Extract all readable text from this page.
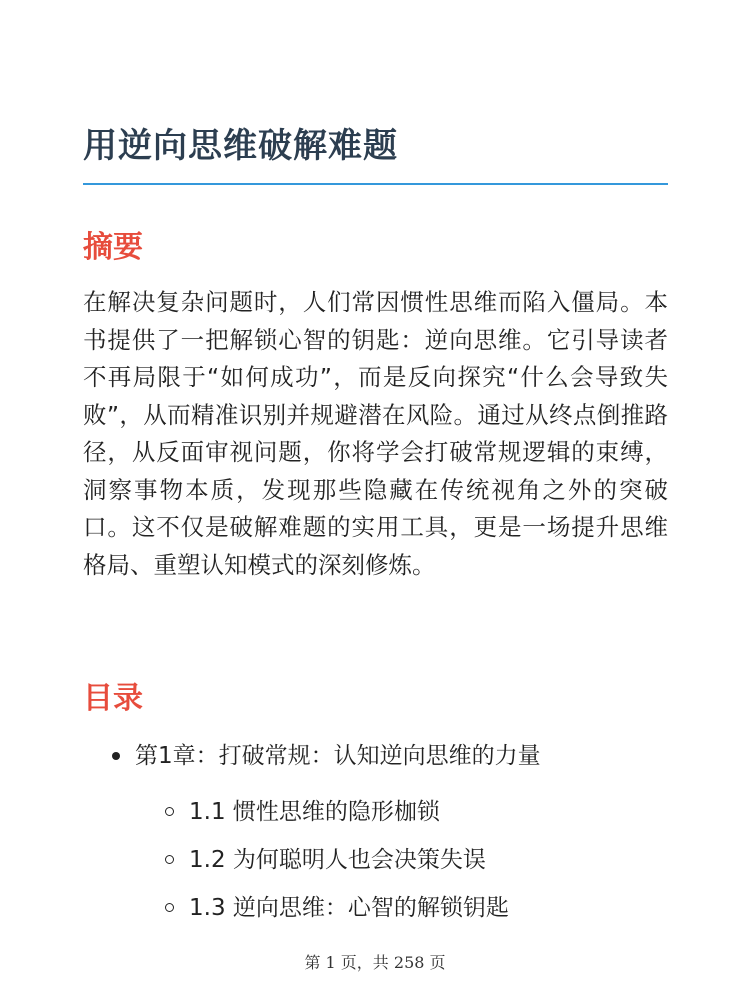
用逆向思维破解难题
摘要

在解决复杂问题时，人们常因惯性思维而陷入僵局。本书提供了一把解锁心智的钥匙：逆向思维。它引导读者不再局限于“如何成功”，而是反向探究“什么会导致失败”，从而精准识别并规避潜在风险。通过从终点倒推路径，从反面审视问题，你将学会打破常规逻辑的束缚，洞察事物本质，发现那些隐藏在传统视角之外的突破口。这不仅是破解难题的实用工具，更是一场提升思维格局、重塑认知模式的深刻修炼。

目录
第1章：打破常规：认知逆向思维的力量
1.1 惯性思维的隐形枷锁
1.2 为何聪明人也会决策失误
1.3 逆向思维：心智的解锁钥匙
第 1 页，共 258 页
